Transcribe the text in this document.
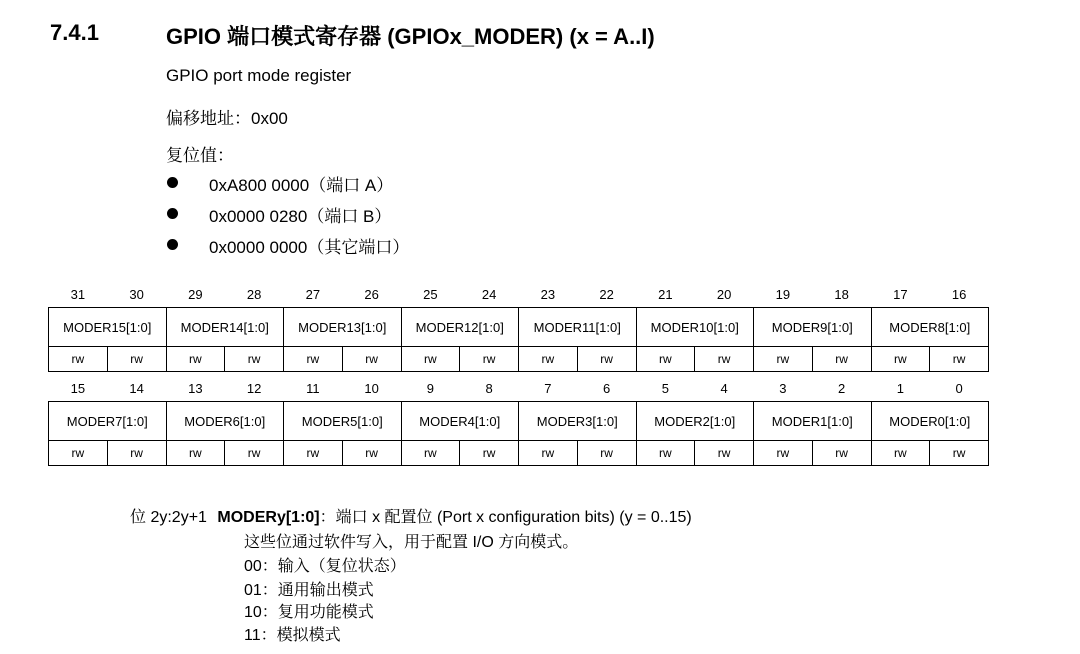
7.4.1	GPIO 端口模式寄存器 (GPIOx_MODER) (x = A..I)
GPIO port mode register
偏移地址：0x00
复位值：
0xA800 0000（端口 A）
0x0000 0280（端口 B）
0x0000 0000（其它端口）
31	30	29	28	27	26	25	24	23	22	21	20	19	18	17	16
MODER15[1:0]		MODER14[1:0]		MODER13[1:0]		MODER12[1:0]		MODER11[1:0]		MODER10[1:0]		MODER9[1:0]		MODER8[1:0]	
rw	rw	rw	rw	rw	rw	rw	rw	rw	rw	rw	rw	rw	rw	rw	rw
15	14	13	12	11	10	9	8	7	6	5	4	3	2	1	0
MODER7[1:0]		MODER6[1:0]		MODER5[1:0]		MODER4[1:0]		MODER3[1:0]		MODER2[1:0]		MODER1[1:0]		MODER0[1:0]	
rw	rw	rw	rw	rw	rw	rw	rw	rw	rw	rw	rw	rw	rw	rw	rw
位 2y:2y+1 MODERy[1:0]：端口 x 配置位 (Port x configuration bits) (y = 0..15)
这些位通过软件写入，用于配置 I/O 方向模式。
00：输入（复位状态）
01：通用输出模式
10：复用功能模式
11：模拟模式
